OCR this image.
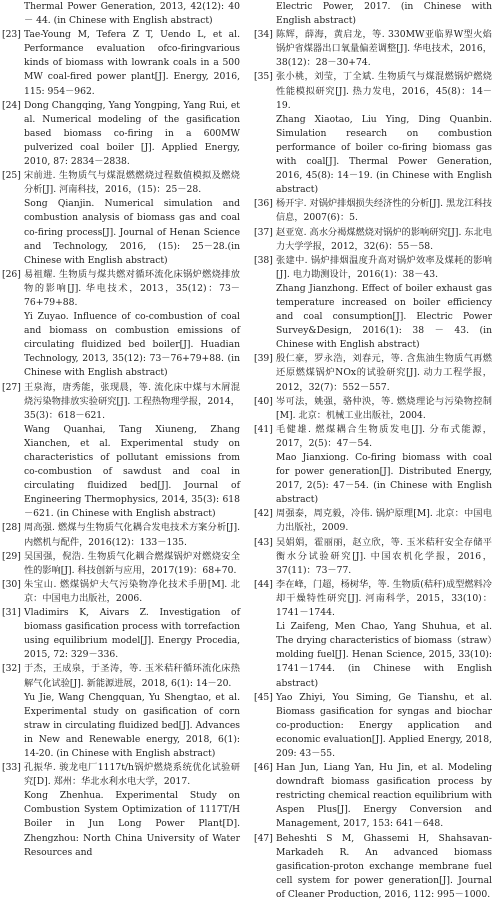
Thermal Power Generation, 2013, 42(12): 40 － 44. (in Chinese with English abstract)
[23] Tae-Young M, Tefera Z T, Uendo L, et al. Performance evaluation ofco-firingvarious kinds of biomass with lowrank coals in a 500 MW coal-fired power plant[J]. Energy, 2016, 115: 954－962.
[24] Dong Changqing, Yang Yongping, Yang Rui, et al. Numerical modeling of the gasification based biomass co-firing in a 600MW pulverized coal boiler [J]. Applied Energy, 2010, 87: 2834－2838.
[25] 宋前进. 生物质气与煤混燃燃烧过程数值模拟及燃烧分析[J]. 河南科技，2016，(15)：25－28.
Song Qianjin. Numerical simulation and combustion analysis of biomass gas and coal co-firing process[J]. Journal of Henan Science and Technology, 2016, (15): 25－28.(in Chinese with English abstract)
[26] 易祖耀. 生物质与煤共燃对循环流化床锅炉燃烧排放物的影响[J]. 华电技术，2013，35(12)：73－76+79+88.
Yi Zuyao. Influence of co-combustion of coal and biomass on combustion emissions of circulating fluidized bed boiler[J]. Huadian Technology, 2013, 35(12): 73－76+79+88. (in Chinese with English abstract)
[27] 王泉海，唐秀能，张现晨，等. 流化床中煤与木屑混烧污染物排放实验研究[J]. 工程热物理学报，2014，35(3)：618－621.
Wang Quanhai, Tang Xiuneng, Zhang Xianchen, et al. Experimental study on characteristics of pollutant emissions from co-combustion of sawdust and coal in circulating fluidized bed[J]. Journal of Engineering Thermophysics, 2014, 35(3): 618－621. (in Chinese with English abstract)
[28] 周高强. 燃煤与生物质气化耦合发电技术方案分析[J]. 内燃机与配件，2016(12)：133－135.
[29] 吴国强，倪浩. 生物质气化耦合燃煤锅炉对燃烧安全性的影响[J]. 科技创新与应用，2017(19)：68+70.
[30] 朱宝山. 燃煤锅炉大气污染物净化技术手册[M]. 北京：中国电力出版社，2006.
[31] Vladimirs K, Aivars Z. Investigation of biomass gasification process with torrefaction using equilibrium model[J]. Energy Procedia, 2015, 72: 329－336.
[32] 于杰，王成泉，于圣涛，等. 玉米秸秆循环流化床热解气化试验[J]. 新能源进展，2018, 6(1): 14－20.
Yu Jie, Wang Chengquan, Yu Shengtao, et al. Experimental study on gasification of corn straw in circulating fluidized bed[J]. Advances in New and Renewable energy, 2018, 6(1): 14-20. (in Chinese with English abstract)
[33] 孔振华. 骏龙电厂1117t/h锅炉燃烧系统优化试验研究[D]. 郑州：华北水利水电大学，2017.
Kong Zhenhua. Experimental Study on Combustion System Optimization of 1117T/H Boiler in Jun Long Power Plant[D]. Zhengzhou: North China University of Water Resources and
Electric Power, 2017. (in Chinese with English abstract)
[34] 陈辉，薛海，黄启龙，等. 330MW亚临界W型火焰锅炉省煤器出口氧量偏差调整[J]. 华电技术，2016，38(12)：28－30+74.
[35] 张小桃，刘莹，丁全斌. 生物质气与煤混燃锅炉燃烧性能模拟研究[J]. 热力发电，2016，45(8)：14－19.
Zhang Xiaotao, Liu Ying, Ding Quanbin. Simulation research on combustion performance of boiler co-firing biomass gas with coal[J]. Thermal Power Generation, 2016, 45(8): 14－19. (in Chinese with English abstract)
[36] 杨开宇. 对锅炉排烟损失经济性的分析[J]. 黑龙江科技信息，2007(6)：5.
[37] 赵亚宽. 高水分褐煤燃烧对锅炉的影响研究[J]. 东北电力大学学报，2012，32(6)：55－58.
[38] 张建中. 锅炉排烟温度升高对锅炉效率及煤耗的影响[J]. 电力勘测设计，2016(1)：38－43.
Zhang Jianzhong. Effect of boiler exhaust gas temperature increased on boiler efficiency and coal consumption[J]. Electric Power Survey&Design, 2016(1): 38 － 43. (in Chinese with English abstract)
[39] 殷仁豪，罗永浩，刘春元，等. 含焦油生物质气再燃还原燃煤锅炉NOx的试验研究[J]. 动力工程学报，2012，32(7)：552－557.
[40] 岑可法，姚强，骆仲泱，等. 燃烧理论与污染物控制[M]. 北京：机械工业出版社，2004.
[41] 毛健雄. 燃煤耦合生物质发电[J]. 分布式能源，2017，2(5)：47－54.
Mao Jianxiong. Co-firing biomass with coal for power generation[J]. Distributed Energy, 2017, 2(5): 47－54. (in Chinese with English abstract)
[42] 周强泰，周克毅，冷伟. 锅炉原理[M]. 北京：中国电力出版社，2009.
[43] 吴娟娟，霍丽丽，赵立欣，等. 玉米秸秆安全存储平衡水分试验研究[J]. 中国农机化学报，2016，37(11)：73－77.
[44] 李在峰，门超，杨树华，等. 生物质(秸秆)成型燃料冷却干燥特性研究[J]. 河南科学，2015，33(10)：1741－1744.
Li Zaifeng, Men Chao, Yang Shuhua, et al. The drying characteristics of biomass（straw）molding fuel[J]. Henan Science, 2015, 33(10): 1741－1744. (in Chinese with English abstract)
[45] Yao Zhiyi, You Siming, Ge Tianshu, et al. Biomass gasification for syngas and biochar co-production: Energy application and economic evaluation[J]. Applied Energy, 2018, 209: 43－55.
[46] Han Jun, Liang Yan, Hu Jin, et al. Modeling downdraft biomass gasification process by restricting chemical reaction equilibrium with Aspen Plus[J]. Energy Conversion and Management, 2017, 153: 641－648.
[47] Beheshti S M, Ghassemi H, Shahsavan-Markadeh R. An advanced biomass gasification-proton exchange membrane fuel cell system for power generation[J]. Journal of Cleaner Production, 2016, 112: 995－1000.
